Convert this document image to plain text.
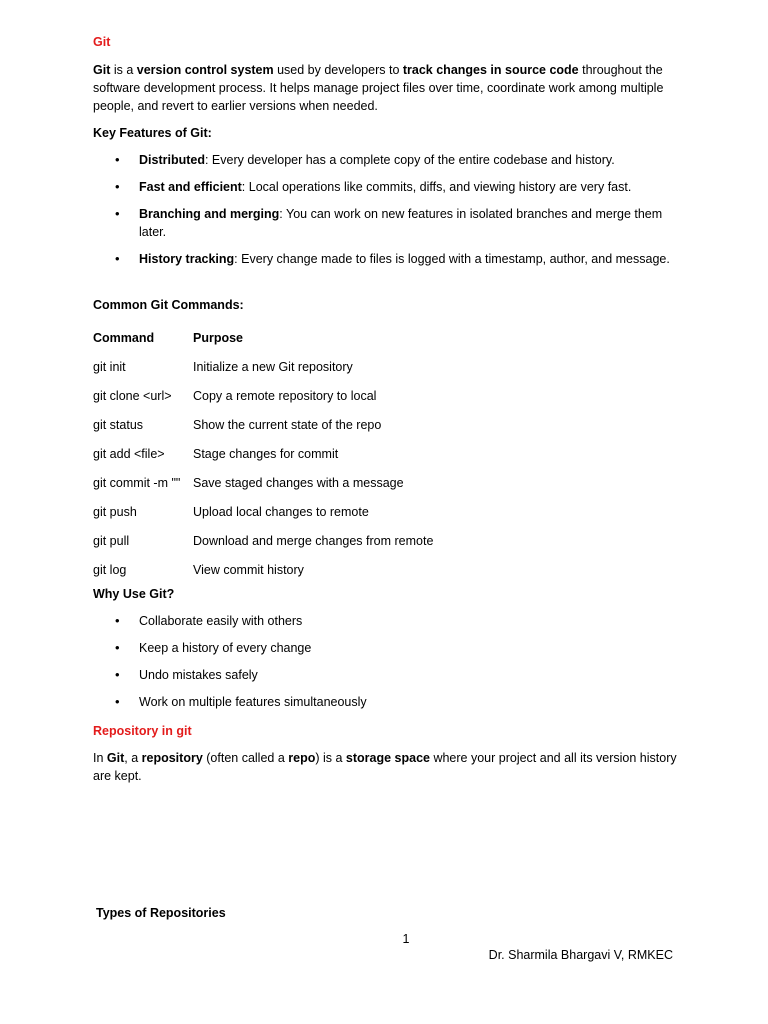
Git
Git is a version control system used by developers to track changes in source code throughout the software development process. It helps manage project files over time, coordinate work among multiple people, and revert to earlier versions when needed.
Key Features of Git:
• Distributed: Every developer has a complete copy of the entire codebase and history.
• Fast and efficient: Local operations like commits, diffs, and viewing history are very fast.
• Branching and merging: You can work on new features in isolated branches and merge them later.
• History tracking: Every change made to files is logged with a timestamp, author, and message.
Common Git Commands:
Command	Purpose
git init	Initialize a new Git repository
git clone <url>	Copy a remote repository to local
git status	Show the current state of the repo
git add <file>	Stage changes for commit
git commit -m ""	Save staged changes with a message
git push	Upload local changes to remote
git pull	Download and merge changes from remote
git log	View commit history
Why Use Git?
• Collaborate easily with others
• Keep a history of every change
• Undo mistakes safely
• Work on multiple features simultaneously
Repository in git
In Git, a repository (often called a repo) is a storage space where your project and all its version history are kept.
Types of Repositories
1
Dr. Sharmila Bhargavi V, RMKEC
